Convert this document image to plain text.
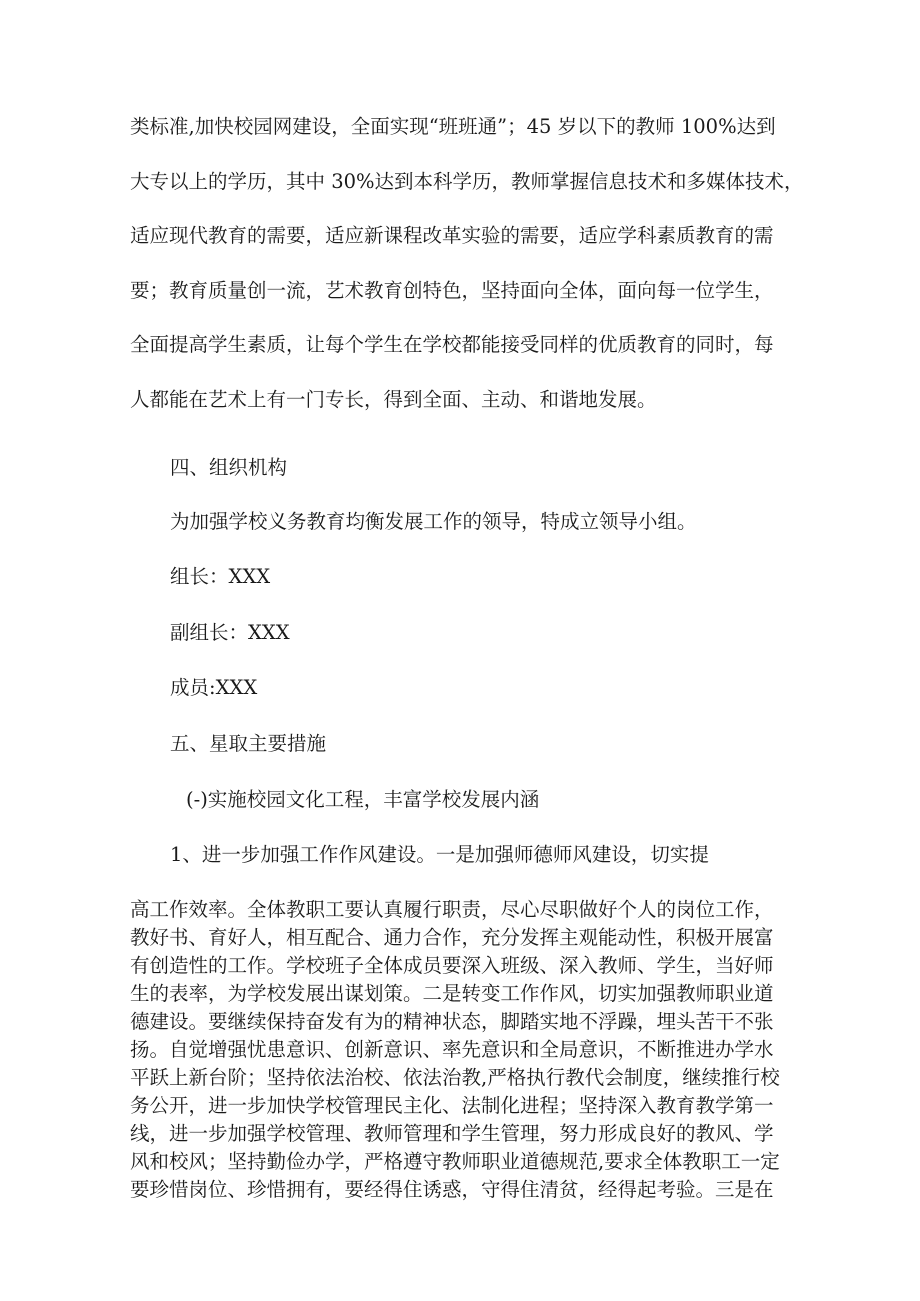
类标准,加快校园网建设，全面实现“班班通”；45 岁以下的教师 100%达到
大专以上的学历，其中 30%达到本科学历，教师掌握信息技术和多媒体技术，
适应现代教育的需要，适应新课程改革实验的需要，适应学科素质教育的需
要；教育质量创一流，艺术教育创特色，坚持面向全体，面向每一位学生，
全面提高学生素质，让每个学生在学校都能接受同样的优质教育的同时，每
人都能在艺术上有一门专长，得到全面、主动、和谐地发展。

四、组织机构

为加强学校义务教育均衡发展工作的领导，特成立领导小组。

组长：XXX

副组长：XXX

成员:XXX

五、星取主要措施

(-)实施校园文化工程，丰富学校发展内涵

1、进一步加强工作作风建设。一是加强师德师风建设，切实提

高工作效率。全体教职工要认真履行职责，尽心尽职做好个人的岗位工作，
教好书、育好人，相互配合、通力合作，充分发挥主观能动性，积极开展富
有创造性的工作。学校班子全体成员要深入班级、深入教师、学生，当好师
生的表率，为学校发展出谋划策。二是转变工作作风，切实加强教师职业道
德建设。要继续保持奋发有为的精神状态，脚踏实地不浮躁，埋头苦干不张
扬。自觉增强忧患意识、创新意识、率先意识和全局意识，不断推进办学水
平跃上新台阶；坚持依法治校、依法治教,严格执行教代会制度，继续推行校
务公开，进一步加快学校管理民主化、法制化进程；坚持深入教育教学第一
线，进一步加强学校管理、教师管理和学生管理，努力形成良好的教风、学
风和校风；坚持勤俭办学，严格遵守教师职业道德规范,要求全体教职工一定
要珍惜岗位、珍惜拥有，要经得住诱惑，守得住清贫，经得起考验。三是在
